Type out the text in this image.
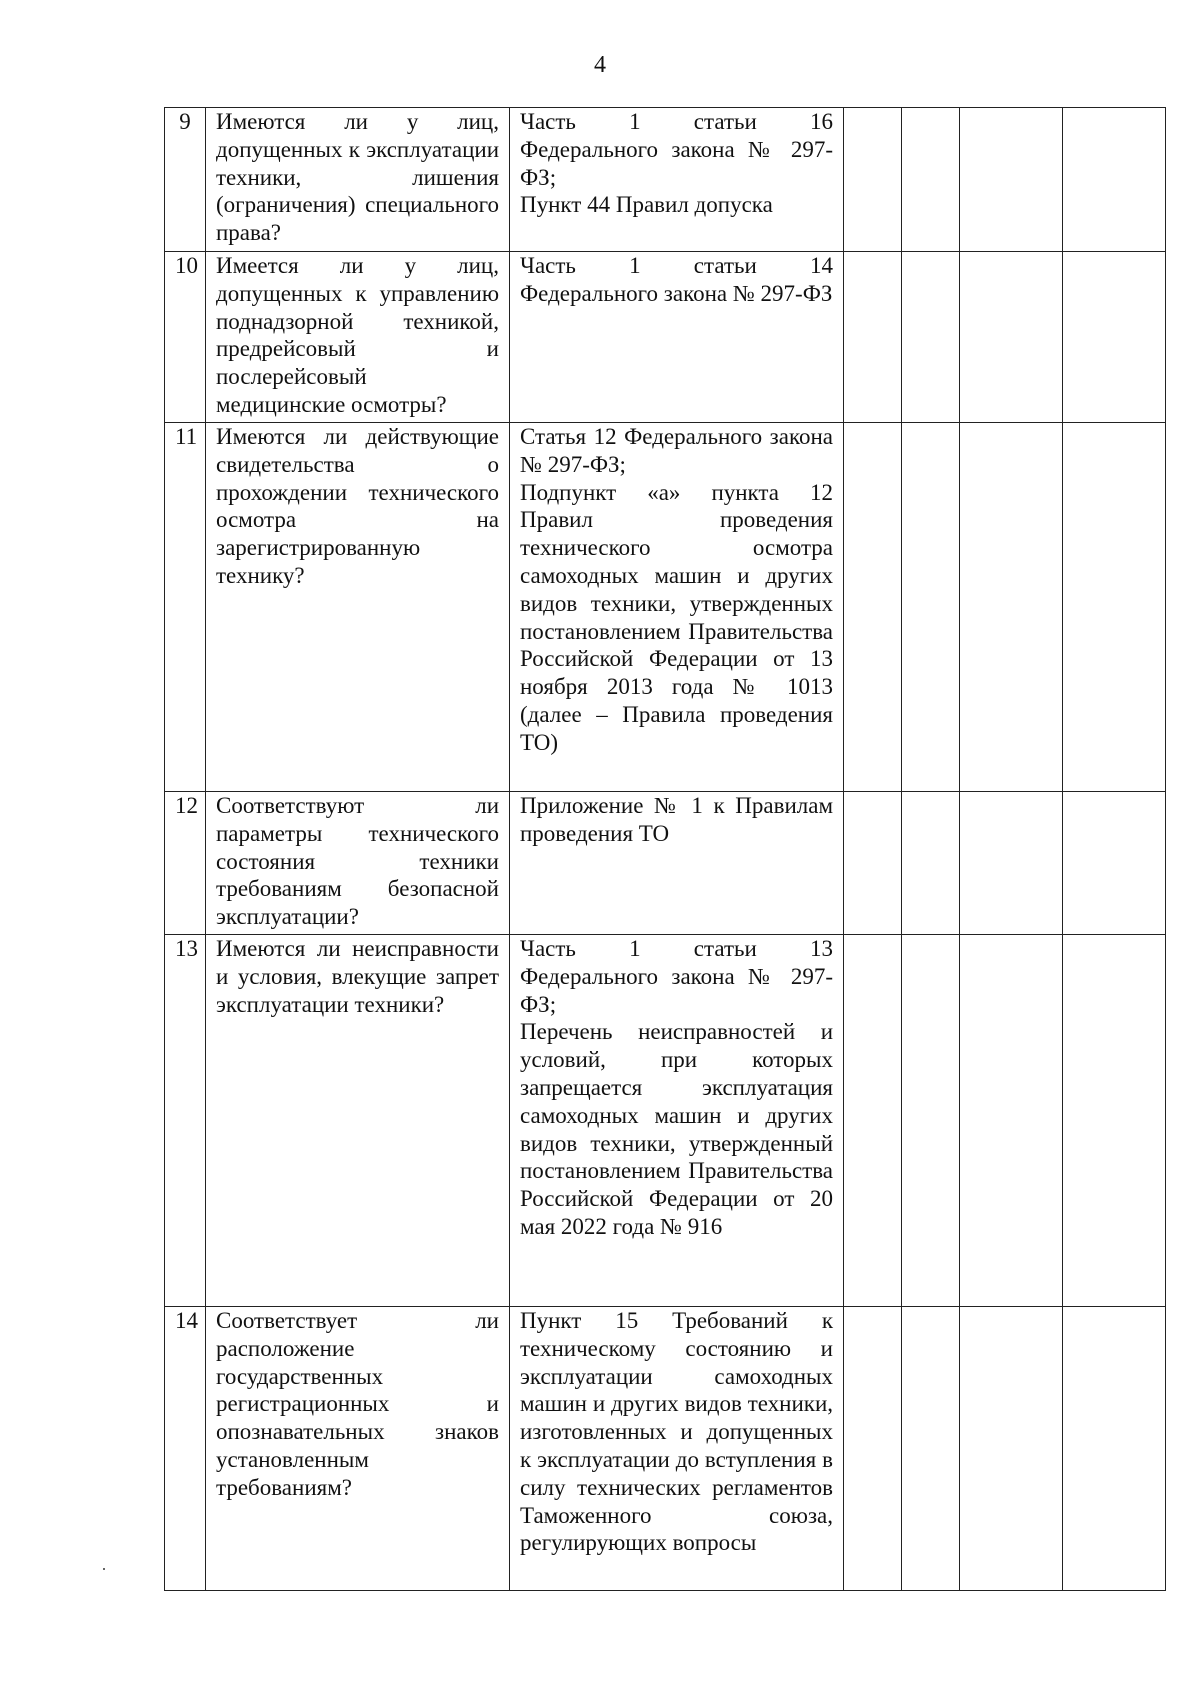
4
9	Имеются ли у лиц, допущенных к эксплуатации техники, лишения (ограничения) специального права?	Часть 1 статьи 16 Федерального закона № 297-ФЗ;
Пункт 44 Правил допуска				

10	Имеется ли у лиц, допущенных к управлению поднадзорной техникой, предрейсовый и послерейсовый медицинские осмотры?	Часть 1 статьи 14 Федерального закона № 297-ФЗ				

11	Имеются ли действующие свидетельства о прохождении технического осмотра на зарегистрированную технику?	Статья 12 Федерального закона № 297-ФЗ;
Подпункт «а» пункта 12 Правил проведения технического осмотра самоходных машин и других видов техники, утвержденных постановлением Правительства Российской Федерации от 13 ноября 2013 года № 1013 (далее – Правила проведения ТО)				

12	Соответствуют ли параметры технического состояния техники требованиям безопасной эксплуатации?	Приложение № 1 к Правилам проведения ТО				

13	Имеются ли неисправности и условия, влекущие запрет эксплуатации техники?	Часть 1 статьи 13 Федерального закона № 297-ФЗ;
Перечень неисправностей и условий, при которых запрещается эксплуатация самоходных машин и других видов техники, утвержденный постановлением Правительства Российской Федерации от 20 мая 2022 года № 916				

14	Соответствует ли расположение государственных регистрационных и опознавательных знаков установленным требованиям?	Пункт 15 Требований к техническому состоянию и эксплуатации самоходных машин и других видов техники, изготовленных и допущенных к эксплуатации до вступления в силу технических регламентов Таможенного союза, регулирующих вопросы				
